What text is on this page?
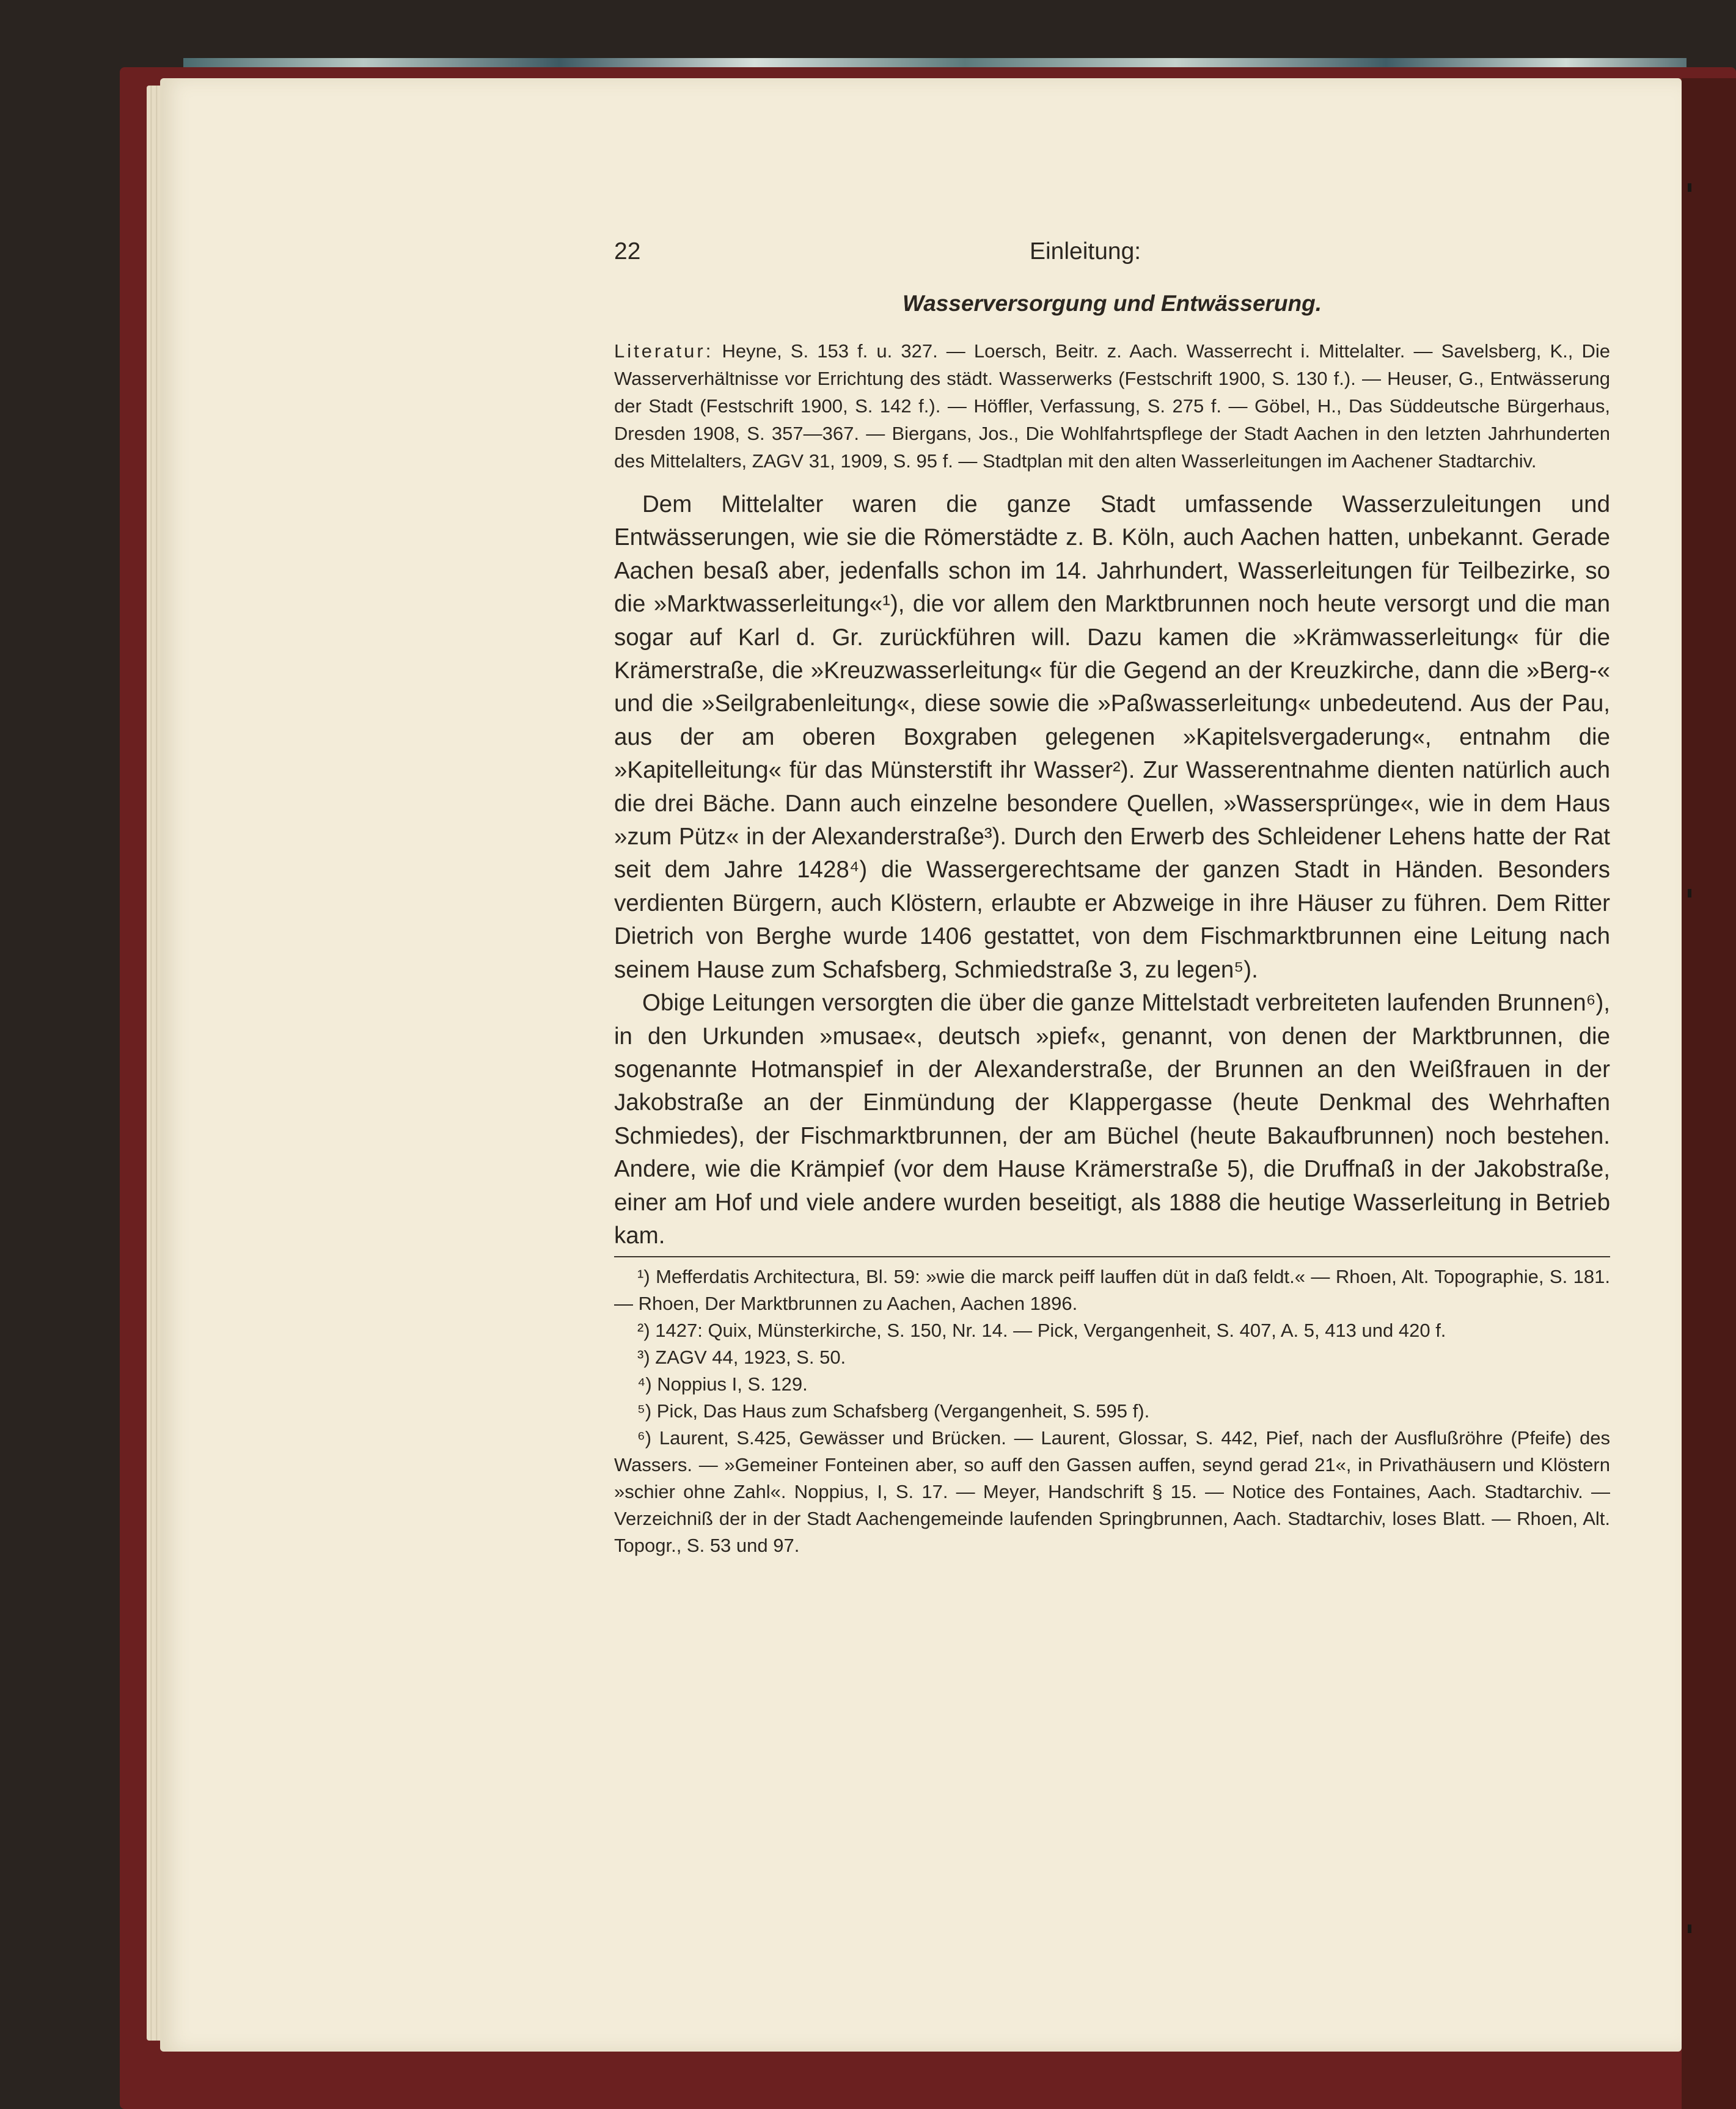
22	Einleitung:
Wasserversorgung und Entwässerung.

Literatur: Heyne, S. 153 f. u. 327. — Loersch, Beitr. z. Aach. Wasserrecht i. Mittelalter. — Savelsberg, K., Die Wasserverhältnisse vor Errichtung des städt. Wasserwerks (Festschrift 1900, S. 130 f.). — Heuser, G., Entwässerung der Stadt (Festschrift 1900, S. 142 f.). — Höffler, Verfassung, S. 275 f. — Göbel, H., Das Süddeutsche Bürgerhaus, Dresden 1908, S. 357—367. — Biergans, Jos., Die Wohlfahrtspflege der Stadt Aachen in den letzten Jahrhunderten des Mittelalters, ZAGV 31, 1909, S. 95 f. — Stadtplan mit den alten Wasserleitungen im Aachener Stadtarchiv.

Dem Mittelalter waren die ganze Stadt umfassende Wasserzuleitungen und Entwässerungen, wie sie die Römerstädte z. B. Köln, auch Aachen hatten, unbekannt. Gerade Aachen besaß aber, jedenfalls schon im 14. Jahrhundert, Wasserleitungen für Teilbezirke, so die »Marktwasserleitung«¹), die vor allem den Marktbrunnen noch heute versorgt und die man sogar auf Karl d. Gr. zurückführen will. Dazu kamen die »Krämwasserleitung« für die Krämerstraße, die »Kreuzwasserleitung« für die Gegend an der Kreuzkirche, dann die »Berg-« und die »Seilgrabenleitung«, diese sowie die »Paßwasserleitung« unbedeutend. Aus der Pau, aus der am oberen Boxgraben gelegenen »Kapitelsvergaderung«, entnahm die »Kapitelleitung« für das Münsterstift ihr Wasser²). Zur Wasserentnahme dienten natürlich auch die drei Bäche. Dann auch einzelne besondere Quellen, »Wassersprünge«, wie in dem Haus »zum Pütz« in der Alexanderstraße³). Durch den Erwerb des Schleidener Lehens hatte der Rat seit dem Jahre 1428⁴) die Wassergerechtsame der ganzen Stadt in Händen. Besonders verdienten Bürgern, auch Klöstern, erlaubte er Abzweige in ihre Häuser zu führen. Dem Ritter Dietrich von Berghe wurde 1406 gestattet, von dem Fischmarktbrunnen eine Leitung nach seinem Hause zum Schafsberg, Schmiedstraße 3, zu legen⁵).

Obige Leitungen versorgten die über die ganze Mittelstadt verbreiteten laufenden Brunnen⁶), in den Urkunden »musae«, deutsch »pief«, genannt, von denen der Marktbrunnen, die sogenannte Hotmanspief in der Alexanderstraße, der Brunnen an den Weißfrauen in der Jakobstraße an der Einmündung der Klappergasse (heute Denkmal des Wehrhaften Schmiedes), der Fischmarktbrunnen, der am Büchel (heute Bakaufbrunnen) noch bestehen. Andere, wie die Krämpief (vor dem Hause Krämerstraße 5), die Druffnaß in der Jakobstraße, einer am Hof und viele andere wurden beseitigt, als 1888 die heutige Wasserleitung in Betrieb kam.

¹) Mefferdatis Architectura, Bl. 59: »wie die marck peiff lauffen düt in daß feldt.« — Rhoen, Alt. Topographie, S. 181. — Rhoen, Der Marktbrunnen zu Aachen, Aachen 1896.

²) 1427: Quix, Münsterkirche, S. 150, Nr. 14. — Pick, Vergangenheit, S. 407, A. 5, 413 und 420 f.

³) ZAGV 44, 1923, S. 50.

⁴) Noppius I, S. 129.

⁵) Pick, Das Haus zum Schafsberg (Vergangenheit, S. 595 f).

⁶) Laurent, S.425, Gewässer und Brücken. — Laurent, Glossar, S. 442, Pief, nach der Ausflußröhre (Pfeife) des Wassers. — »Gemeiner Fonteinen aber, so auff den Gassen auffen, seynd gerad 21«, in Privathäusern und Klöstern »schier ohne Zahl«. Noppius, I, S. 17. — Meyer, Handschrift § 15. — Notice des Fontaines, Aach. Stadtarchiv. — Verzeichniß der in der Stadt Aachengemeinde laufenden Springbrunnen, Aach. Stadtarchiv, loses Blatt. — Rhoen, Alt. Topogr., S. 53 und 97.
